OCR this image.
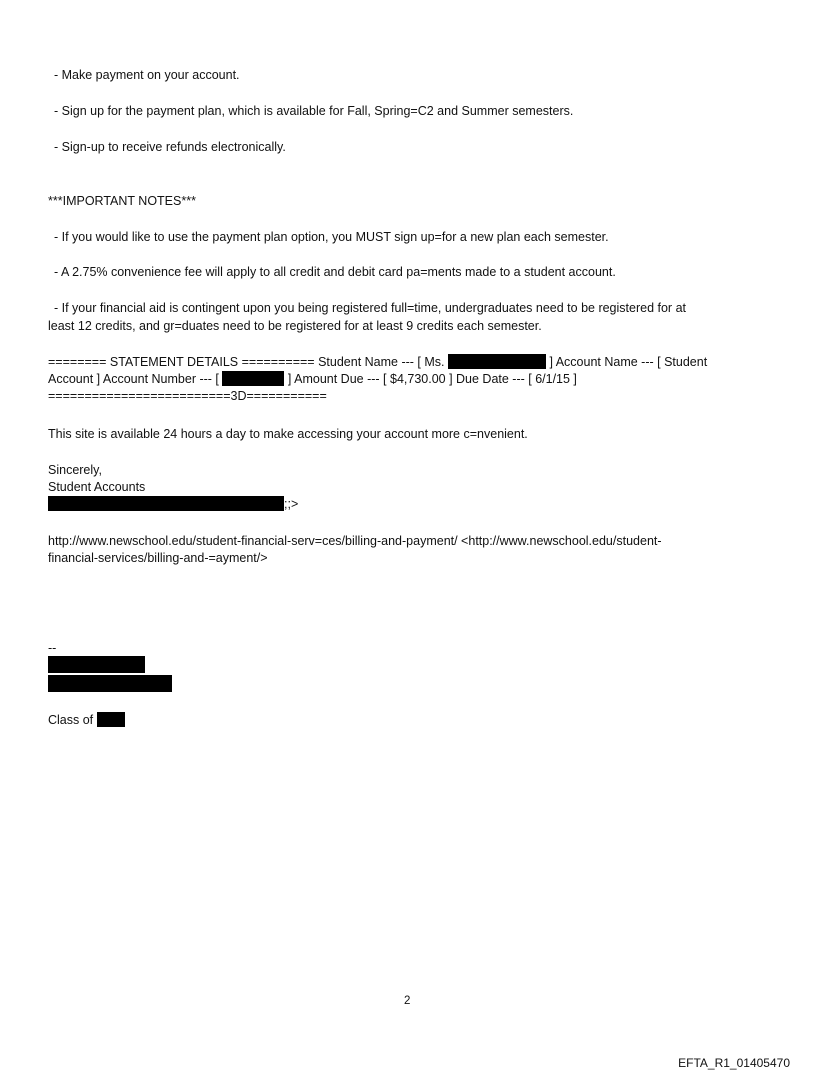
- Make payment on your account.

- Sign up for the payment plan, which is available for Fall, Spring=C2 and Summer semesters.

- Sign-up to receive refunds electronically.

***IMPORTANT NOTES***

- If you would like to use the payment plan option, you MUST sign up=for a new plan each semester.

- A 2.75% convenience fee will apply to all credit and debit card pa=ments made to a student account.

- If your financial aid is contingent upon you being registered full=time, undergraduates need to be registered for at

least 12 credits, and gr=duates need to be registered for at least 9 credits each semester.

======== STATEMENT DETAILS ========== Student Name --- [ Ms.	] Account Name --- [ Student

Account ] Account Number --- [	] Amount Due --- [ $4,730.00 ] Due Date --- [ 6/1/15 ]

=========================3D===========

This site is available 24 hours a day to make accessing your account more c=nvenient.

Sincerely,

Student Accounts

;;>

http://www.newschool.edu/student-financial-serv=ces/billing-and-payment/ <http://www.newschool.edu/student-

financial-services/billing-and-=ayment/>

--

Class of

2
EFTA_R1_01405470
